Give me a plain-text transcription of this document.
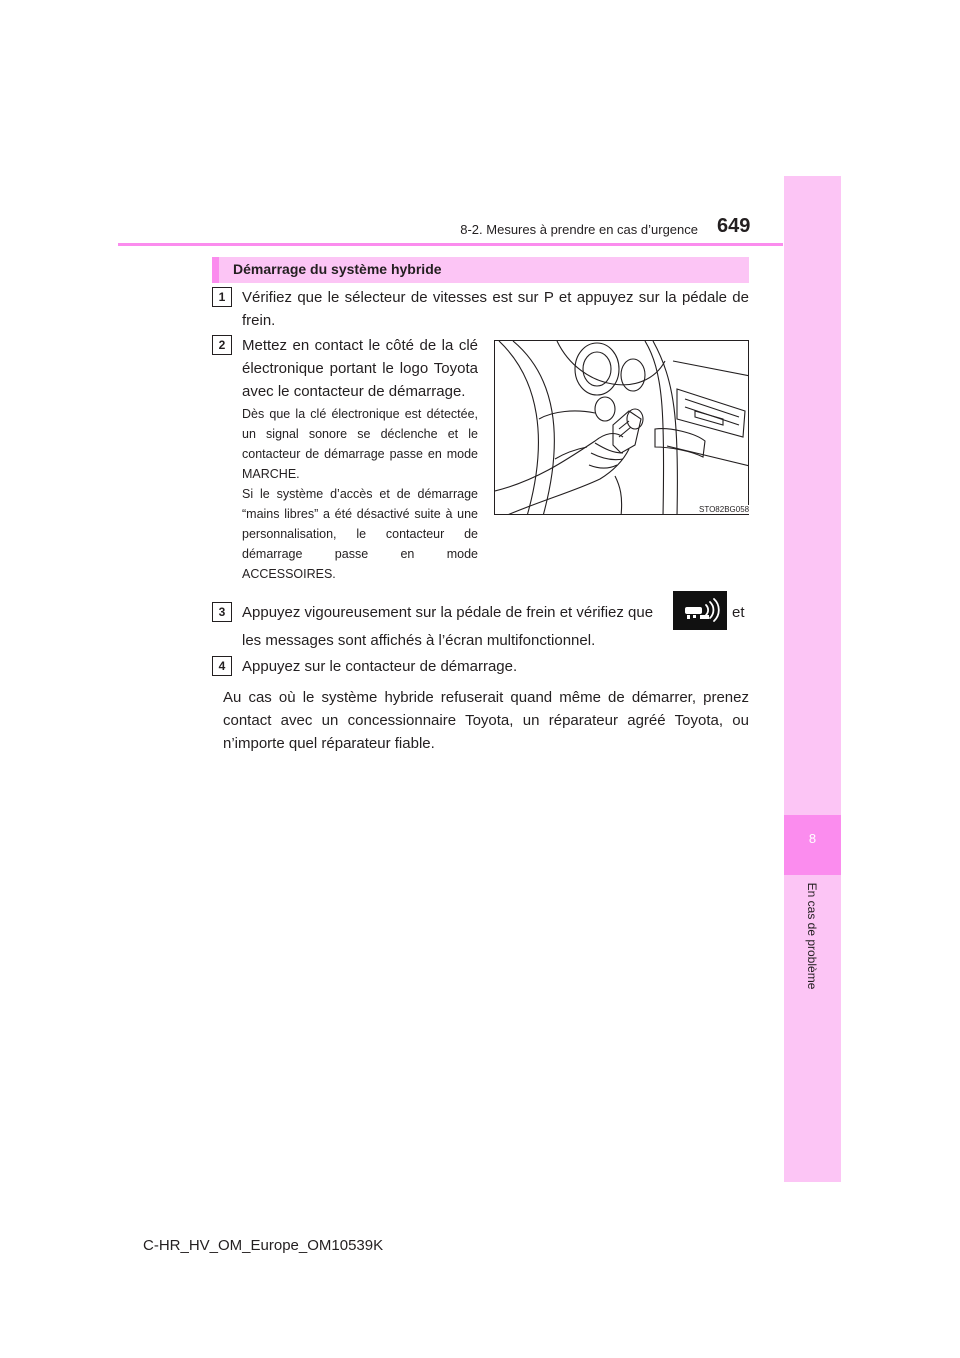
8
En cas de problème
8-2. Mesures à prendre en cas d’urgence 649
Démarrage du système hybride
1	Vérifiez que le sélecteur de vitesses est sur P et appuyez sur la pédale de frein.
2	Mettez en contact le côté de la clé électronique portant le logo Toyota avec le contacteur de démarrage.
Dès que la clé électronique est détectée, un signal sonore se déclenche et le contacteur de démarrage passe en mode MARCHE.
Si le système d’accès et de démarrage “mains libres” a été désactivé suite à une personnalisation, le contacteur de démarrage passe en mode ACCESSOIRES.
STO82BG058
3	Appuyez vigoureusement sur la pédale de frein et vérifiez que	et
les messages sont affichés à l’écran multifonctionnel.
4	Appuyez sur le contacteur de démarrage.
Au cas où le système hybride refuserait quand même de démarrer, prenez contact avec un concessionnaire Toyota, un réparateur agréé Toyota, ou n’importe quel réparateur fiable.
C-HR_HV_OM_Europe_OM10539K
